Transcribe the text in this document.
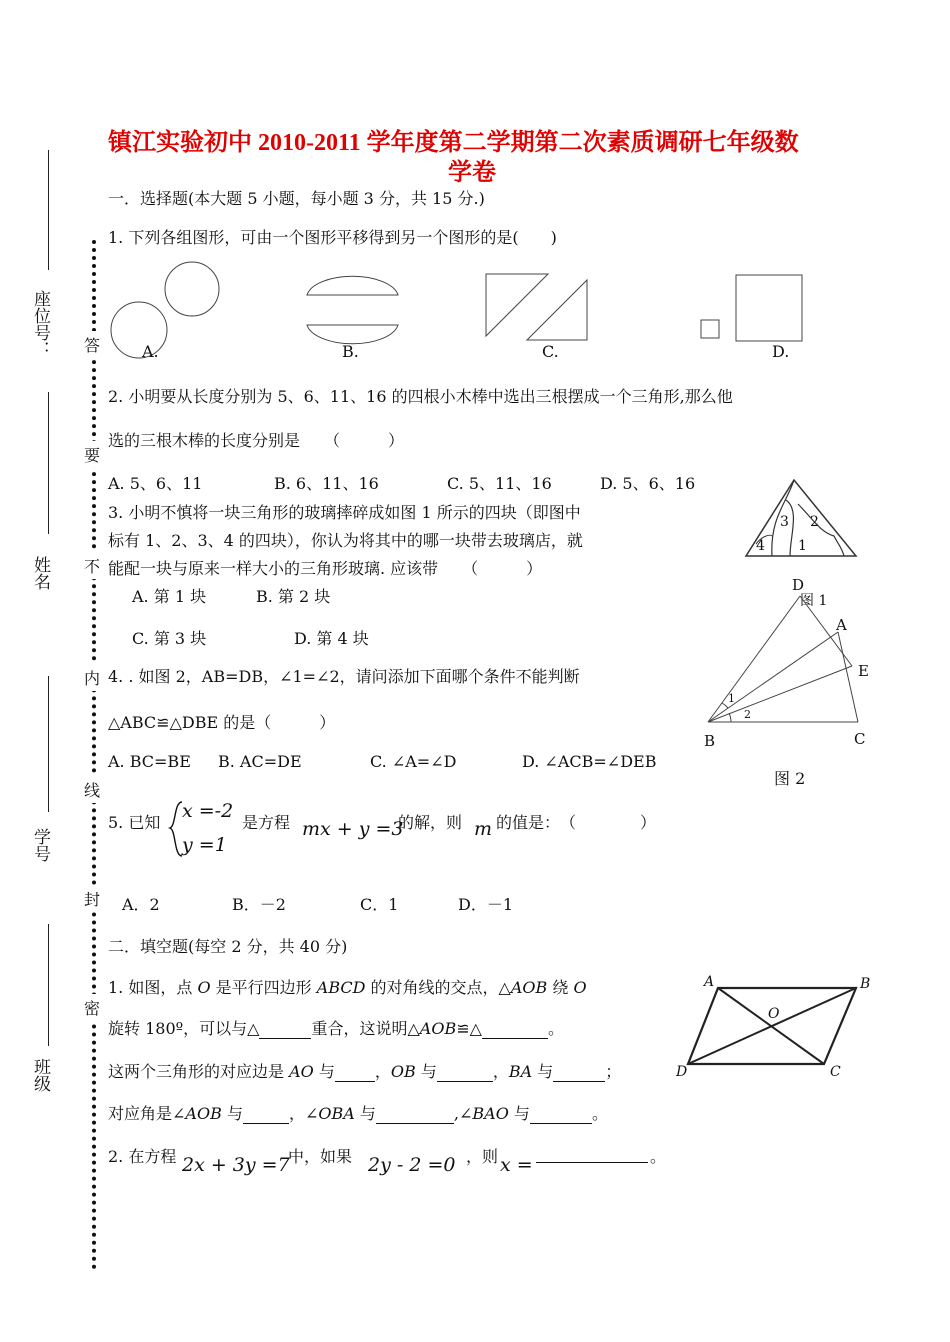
镇江实验初中 2010-2011 学年度第二学期第二次素质调研七年级数
学卷
座位号：
姓名
学号
班级
答
要
不
内
线
封
密
一．选择题(本大题 5 小题，每小题 3 分，共 15 分.)
1. 下列各组图形，可由一个图形平移得到另一个图形的是(　　)
A.	B.	C.	D.
2. 小明要从长度分别为 5、6、11、16 的四根小木棒中选出三根摆成一个三角形,那么他
选的三根木棒的长度分别是　　（　　　）
A. 5、6、11	B. 6、11、16	C. 5、11、16	D. 5、6、16
3. 小明不慎将一块三角形的玻璃摔碎成如图 1 所示的四块（即图中
标有 1、2、3、4 的四块），你认为将其中的哪一块带去玻璃店，就
能配一块与原来一样大小的三角形玻璃. 应该带　　（　　　）
A. 第 1 块	B. 第 2 块
C. 第 3 块	D. 第 4 块
1
2
3
4
图 1
D
A
E
B	C
1
2
图 2
4. . 如图 2，AB=DB，∠1=∠2，请问添加下面哪个条件不能判断
△ABC≌△DBE 的是（　　　）
A. BC=BE B. AC=DE	C. ∠A=∠D	D. ∠ACB=∠DEB
5. 已知
x =-2
y =1
是方程 mx + y =3
的解，则 m 的值是：　（　　　　）
A．2	B．－2	C．1	D．－1
二．填空题(每空 2 分，共 40 分)
1. 如图，点 O 是平行四边形 ABCD 的对角线的交点，△AOB 绕 O
旋转 180º，可以与△	重合，这说明△AOB≌△	。
这两个三角形的对应边是 AO 与	，OB 与	，BA 与	；
对应角是∠AOB 与	，∠OBA 与	,∠BAO 与	。
A	B
O
D	C
2. 在方程 2x + 3y =7
中，如果 2y - 2 =0 ，则 x =	。
